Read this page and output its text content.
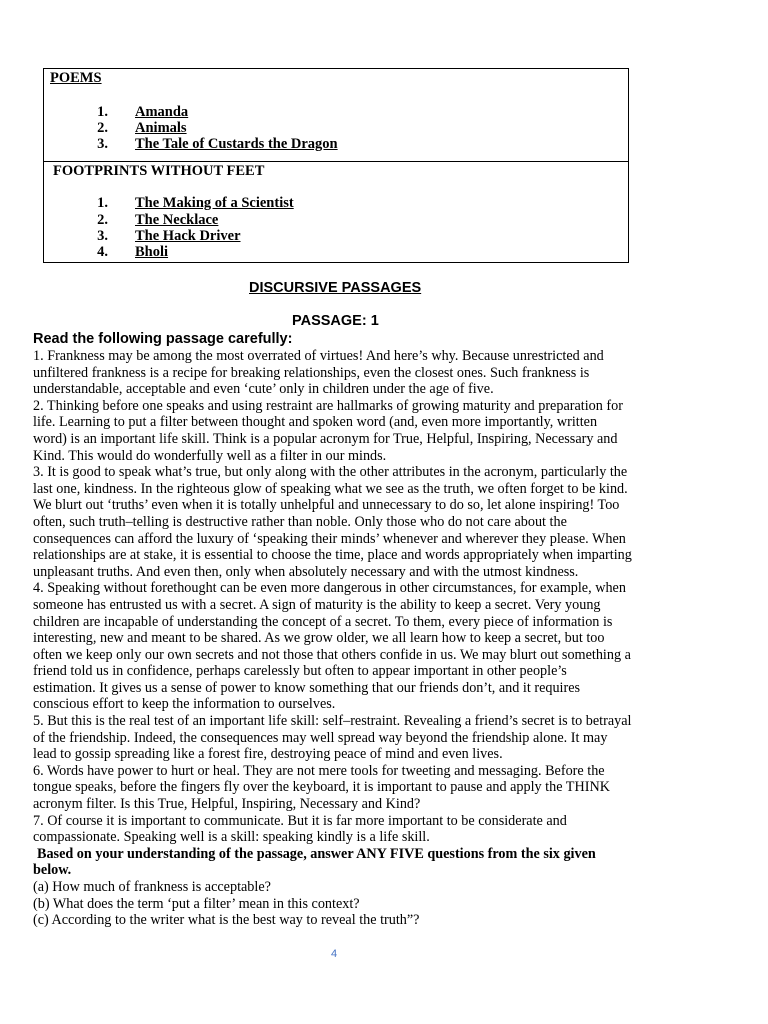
POEMS
1. Amanda
2. Animals
3. The Tale of Custards the Dragon
FOOTPRINTS WITHOUT FEET
1. The Making of a Scientist
2. The Necklace
3. The Hack Driver
4. Bholi
DISCURSIVE PASSAGES
PASSAGE: 1
Read the following passage carefully:

1. Frankness may be among the most overrated of virtues! And here’s why. Because unrestricted and unfiltered frankness is a recipe for breaking relationships, even the closest ones. Such frankness is understandable, acceptable and even ‘cute’ only in children under the age of five.

2. Thinking before one speaks and using restraint are hallmarks of growing maturity and preparation for life. Learning to put a filter between thought and spoken word (and, even more importantly, written word) is an important life skill. Think is a popular acronym for True, Helpful, Inspiring, Necessary and Kind. This would do wonderfully well as a filter in our minds.

3. It is good to speak what’s true, but only along with the other attributes in the acronym, particularly the last one, kindness. In the righteous glow of speaking what we see as the truth, we often forget to be kind. We blurt out ‘truths’ even when it is totally unhelpful and unnecessary to do so, let alone inspiring! Too often, such truth–telling is destructive rather than noble. Only those who do not care about the consequences can afford the luxury of ‘speaking their minds’ whenever and wherever they please. When relationships are at stake, it is essential to choose the time, place and words appropriately when imparting unpleasant truths. And even then, only when absolutely necessary and with the utmost kindness.

4. Speaking without forethought can be even more dangerous in other circumstances, for example, when someone has entrusted us with a secret. A sign of maturity is the ability to keep a secret. Very young children are incapable of understanding the concept of a secret. To them, every piece of information is interesting, new and meant to be shared. As we grow older, we all learn how to keep a secret, but too often we keep only our own secrets and not those that others confide in us. We may blurt out something a friend told us in confidence, perhaps carelessly but often to appear important in other people’s estimation. It gives us a sense of power to know something that our friends don’t, and it requires conscious effort to keep the information to ourselves.

5. But this is the real test of an important life skill: self–restraint. Revealing a friend’s secret is to betrayal of the friendship. Indeed, the consequences may well spread way beyond the friendship alone. It may lead to gossip spreading like a forest fire, destroying peace of mind and even lives.

6. Words have power to hurt or heal. They are not mere tools for tweeting and messaging. Before the tongue speaks, before the fingers fly over the keyboard, it is important to pause and apply the THINK acronym filter. Is this True, Helpful, Inspiring, Necessary and Kind?

7. Of course it is important to communicate. But it is far more important to be considerate and compassionate. Speaking well is a skill: speaking kindly is a life skill.

Based on your understanding of the passage, answer ANY FIVE questions from the six given below.

(a) How much of frankness is acceptable?

(b) What does the term ‘put a filter’ mean in this context?

(c) According to the writer what is the best way to reveal the truth”?

4
